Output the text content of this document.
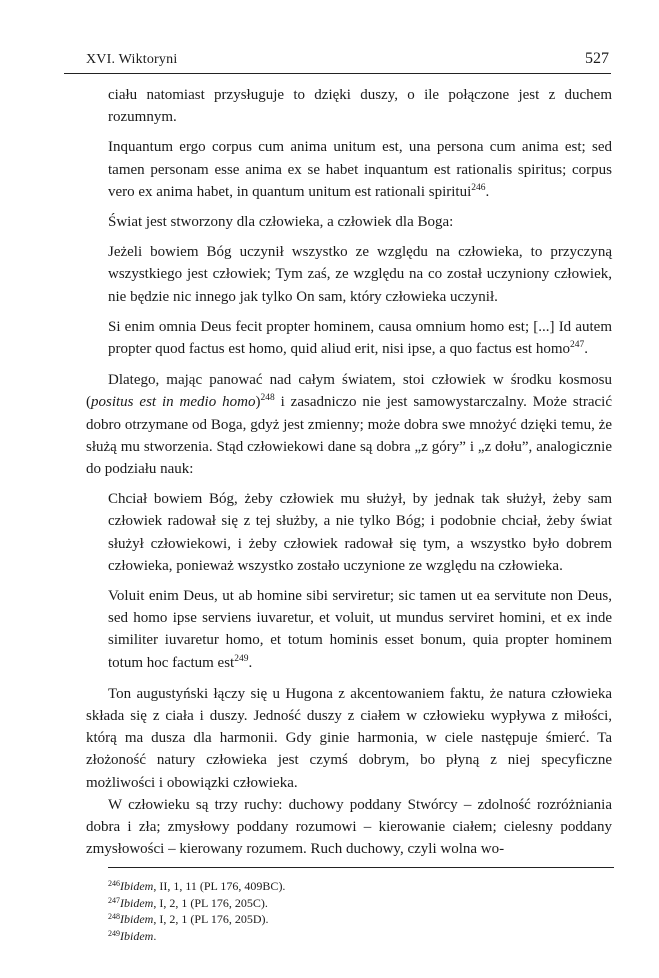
XVI. Wiktoryni	527

ciału natomiast przysługuje to dzięki duszy, o ile połączone jest z duchem rozumnym.

Inquantum ergo corpus cum anima unitum est, una persona cum anima est; sed tamen personam esse anima ex se habet inquantum est rationalis spiritus; corpus vero ex anima habet, in quantum unitum est rationali spiritui$^{246}$.

Świat jest stworzony dla człowieka, a człowiek dla Boga:

Jeżeli bowiem Bóg uczynił wszystko ze względu na człowieka, to przyczyną wszystkiego jest człowiek; Tym zaś, ze względu na co został uczyniony człowiek, nie będzie nic innego jak tylko On sam, który człowieka uczynił.

Si enim omnia Deus fecit propter hominem, causa omnium homo est; [...] Id autem propter quod factus est homo, quid aliud erit, nisi ipse, a quo factus est homo$^{247}$.

Dlatego, mając panować nad całym światem, stoi człowiek w środku kosmosu (positus est in medio homo)$^{248}$ i zasadniczo nie jest samowystarczalny. Może stracić dobro otrzymane od Boga, gdyż jest zmienny; może dobra swe mnożyć dzięki temu, że służą mu stworzenia. Stąd człowiekowi dane są dobra „z góry” i „z dołu”, analogicznie do podziału nauk:

Chciał bowiem Bóg, żeby człowiek mu służył, by jednak tak służył, żeby sam człowiek radował się z tej służby, a nie tylko Bóg; i podobnie chciał, żeby świat służył człowiekowi, i żeby człowiek radował się tym, a wszystko było dobrem człowieka, ponieważ wszystko zostało uczynione ze względu na człowieka.

Voluit enim Deus, ut ab homine sibi serviretur; sic tamen ut ea servitute non Deus, sed homo ipse serviens iuvaretur, et voluit, ut mundus serviret homini, et ex inde similiter iuvaretur homo, et totum hominis esset bonum, quia propter hominem totum hoc factum est$^{249}$.

Ton augustyński łączy się u Hugona z akcentowaniem faktu, że natura człowieka składa się z ciała i duszy. Jedność duszy z ciałem w człowieku wypływa z miłości, którą ma dusza dla harmonii. Gdy ginie harmonia, w ciele następuje śmierć. Ta złożoność natury człowieka jest czymś dobrym, bo płyną z niej specyficzne możliwości i obowiązki człowieka.

W człowieku są trzy ruchy: duchowy poddany Stwórcy – zdolność rozróżniania dobra i zła; zmysłowy poddany rozumowi – kierowanie ciałem; cielesny poddany zmysłowości – kierowany rozumem. Ruch duchowy, czyli wolna wo-

$^{246}$Ibidem, II, 1, 11 (PL 176, 409BC).
$^{247}$Ibidem, I, 2, 1 (PL 176, 205C).
$^{248}$Ibidem, I, 2, 1 (PL 176, 205D).
$^{249}$Ibidem.
